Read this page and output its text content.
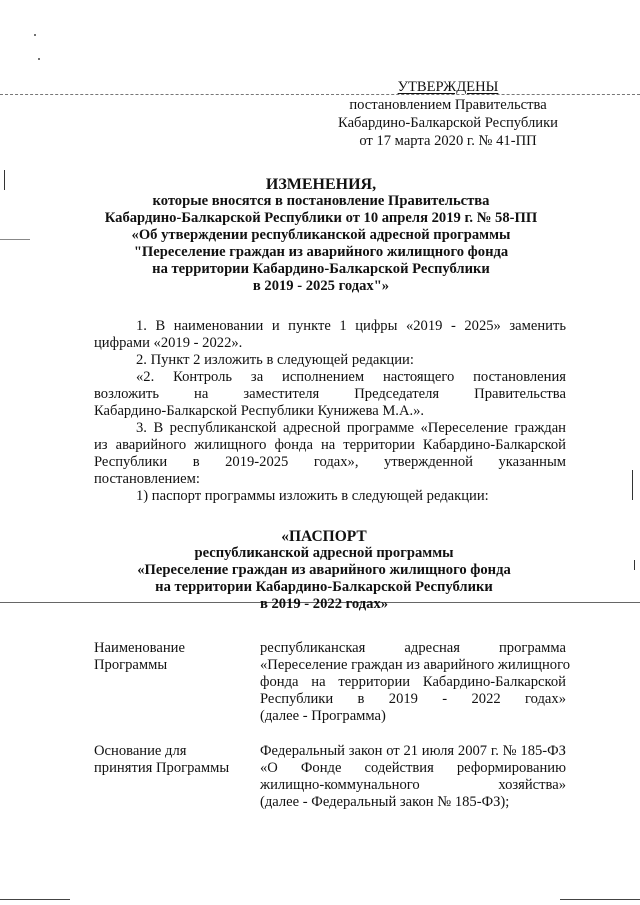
УТВЕРЖДЕНЫ
постановлением Правительства
Кабардино-Балкарской Республики
от 17 марта 2020 г. № 41-ПП
ИЗМЕНЕНИЯ,
которые вносятся в постановление Правительства
Кабардино-Балкарской Республики от 10 апреля 2019 г. № 58-ПП
«Об утверждении республиканской адресной программы
"Переселение граждан из аварийного жилищного фонда
на территории Кабардино-Балкарской Республики
в 2019 - 2025 годах"»
1. В наименовании и пункте 1 цифры «2019 - 2025» заменить
цифрами «2019 - 2022».
2. Пункт 2 изложить в следующей редакции:
«2. Контроль за исполнением настоящего постановления
возложить на заместителя Председателя Правительства
Кабардино-Балкарской Республики Кунижева М.А.».
3. В республиканской адресной программе «Переселение граждан
из аварийного жилищного фонда на территории Кабардино-Балкарской
Республики в 2019-2025 годах», утвержденной указанным
постановлением:
1) паспорт программы изложить в следующей редакции:
«ПАСПОРТ
республиканской адресной программы
«Переселение граждан из аварийного жилищного фонда
на территории Кабардино-Балкарской Республики
в 2019 - 2022 годах»
Наименование
Программы
республиканская адресная программа
«Переселение граждан из аварийного жилищного
фонда на территории Кабардино-Балкарской
Республики в 2019 - 2022 годах»
(далее - Программа)
Основание для
принятия Программы
Федеральный закон от 21 июля 2007 г. № 185-ФЗ
«О Фонде содействия реформированию
жилищно-коммунального хозяйства»
(далее - Федеральный закон № 185-ФЗ);
